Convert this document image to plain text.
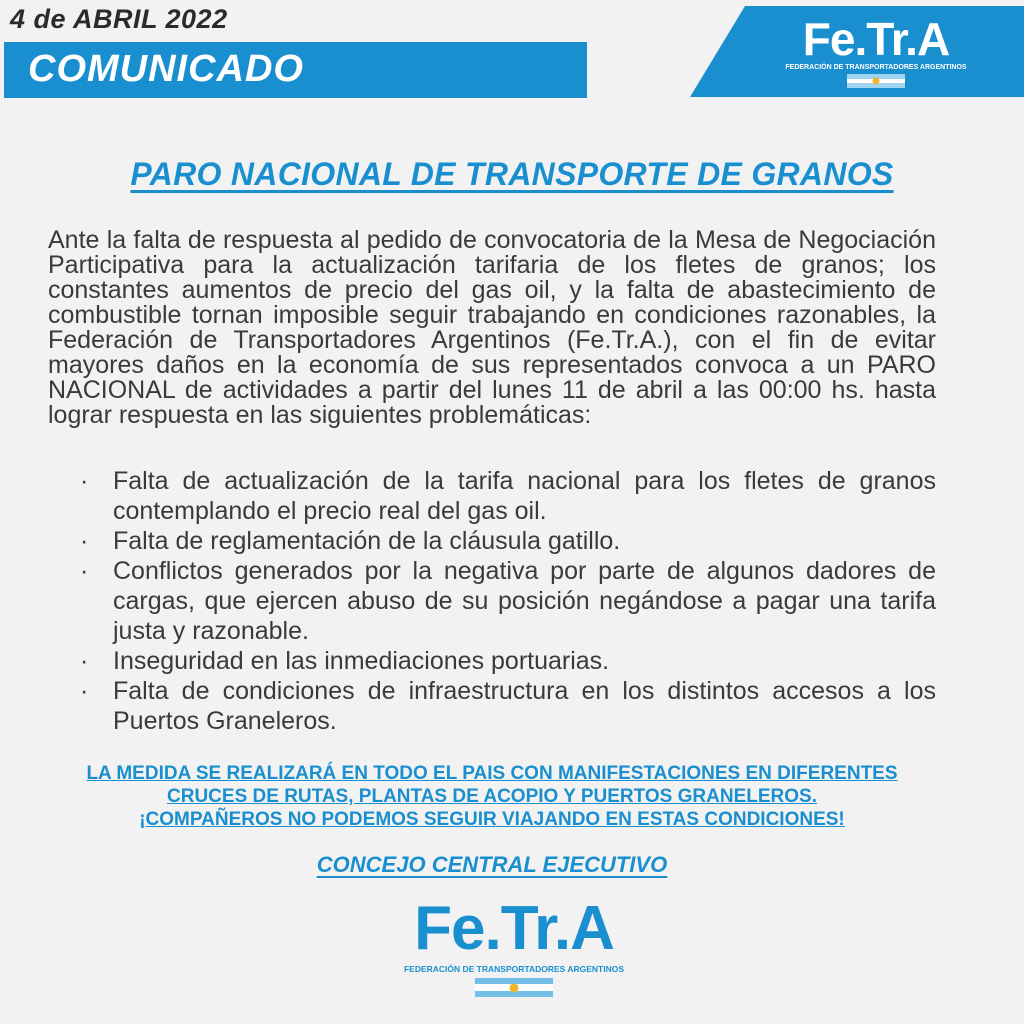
4 de ABRIL 2022
COMUNICADO
Fe.Tr.A
FEDERACIÓN DE TRANSPORTADORES ARGENTINOS
PARO NACIONAL DE TRANSPORTE DE GRANOS

Ante la falta de respuesta al pedido de convocatoria de la Mesa de Negociación Participativa para la actualización tarifaria de los fletes de granos; los constantes aumentos de precio del gas oil, y la falta de abastecimiento de combustible tornan imposible seguir trabajando en condiciones razonables, la Federación de Transportadores Argentinos (Fe.Tr.A.), con el fin de evitar mayores daños en la economía de sus representados convoca a un PARO NACIONAL de actividades a partir del lunes 11 de abril a las 00:00 hs. hasta lograr respuesta en las siguientes problemáticas:

· Falta de actualización de la tarifa nacional para los fletes de granos contemplando el precio real del gas oil.
· Falta de reglamentación de la cláusula gatillo.
· Conflictos generados por la negativa por parte de algunos dadores de cargas, que ejercen abuso de su posición negándose a pagar una tarifa justa y razonable.
· Inseguridad en las inmediaciones portuarias.
· Falta de condiciones de infraestructura en los distintos accesos a los Puertos Graneleros.
LA MEDIDA SE REALIZARÁ EN TODO EL PAIS CON MANIFESTACIONES EN DIFERENTES
CRUCES DE RUTAS, PLANTAS DE ACOPIO Y PUERTOS GRANELEROS.
¡COMPAÑEROS NO PODEMOS SEGUIR VIAJANDO EN ESTAS CONDICIONES!
CONCEJO CENTRAL EJECUTIVO
Fe.Tr.A
FEDERACIÓN DE TRANSPORTADORES ARGENTINOS
